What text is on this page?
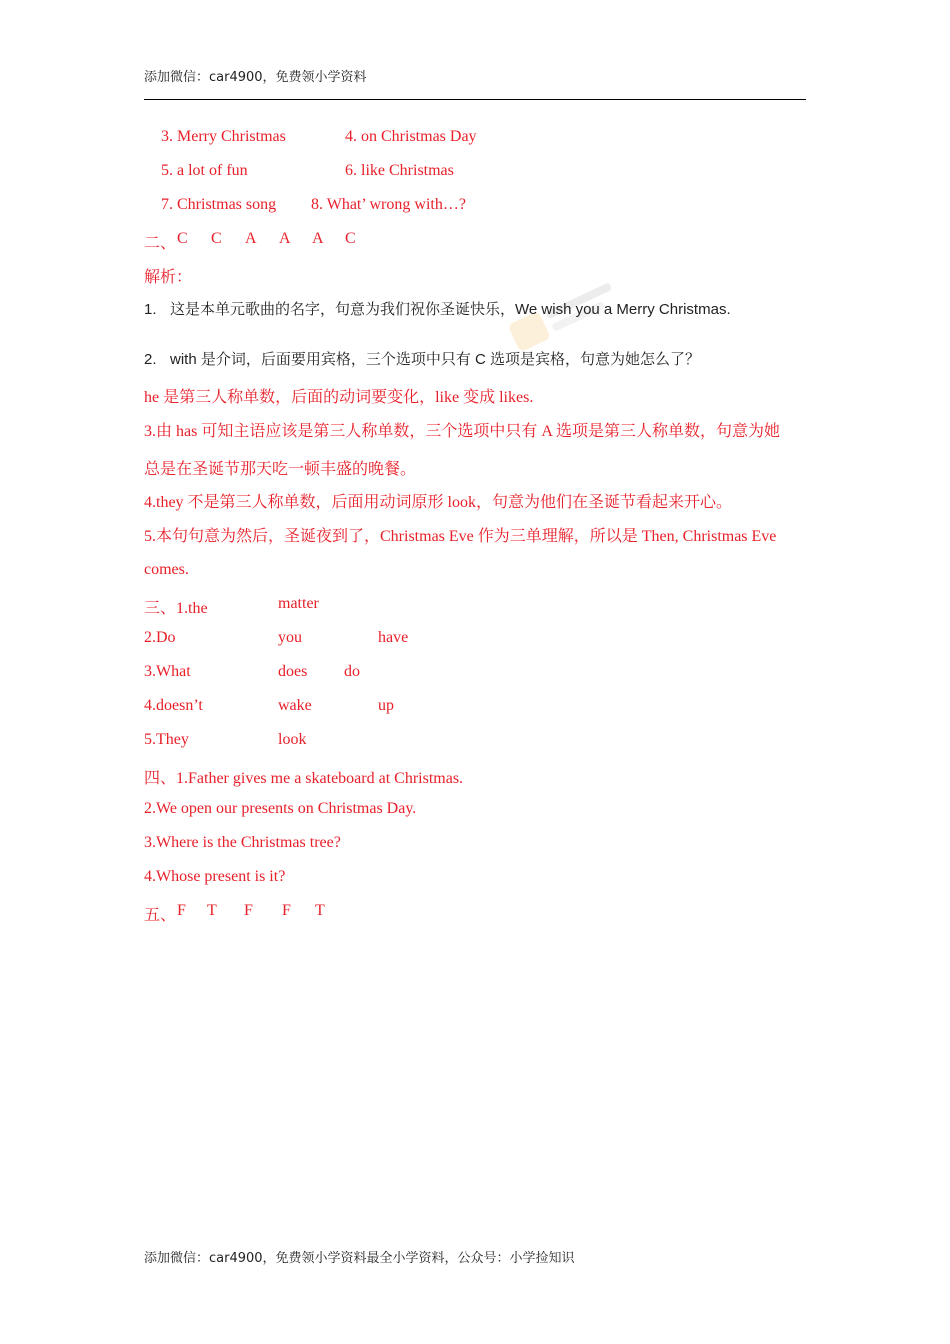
添加微信：car4900，免费领小学资料
3. Merry Christmas	4. on Christmas Day
5. a lot of fun	6. like Christmas
7. Christmas song 8. What’ wrong with…?
二、 C C A A A C
解析：
1. 这是本单元歌曲的名字，句意为我们祝你圣诞快乐，We wish you a Merry Christmas.
2. with 是介词，后面要用宾格，三个选项中只有 C 选项是宾格，句意为她怎么了？
he 是第三人称单数，后面的动词要变化，like 变成 likes.
3.由 has 可知主语应该是第三人称单数，三个选项中只有 A 选项是第三人称单数，句意为她
总是在圣诞节那天吃一顿丰盛的晚餐。
4.they 不是第三人称单数，后面用动词原形 look，句意为他们在圣诞节看起来开心。
5.本句句意为然后，圣诞夜到了，Christmas Eve 作为三单理解，所以是 Then, Christmas Eve
comes.
三、1.the	matter
2.Do	you	have
3.What	does do
4.doesn’t	wake	up
5.They	look
四、1.Father gives me a skateboard at Christmas.
2.We open our presents on Christmas Day.
3.Where is the Christmas tree?
4.Whose present is it?
五、 F T F F T
添加微信：car4900，免费领小学资料最全小学资料，公众号：小学捡知识
